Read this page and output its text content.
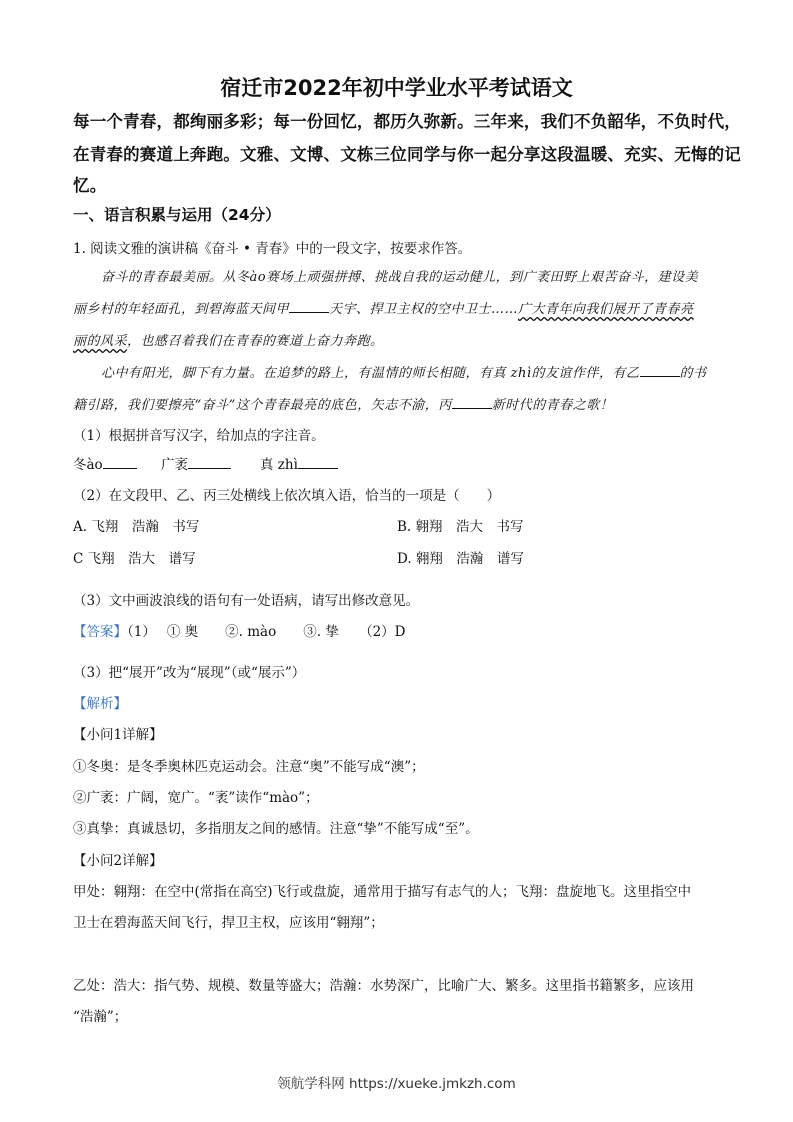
宿迁市2022年初中学业水平考试语文
每一个青春，都绚丽多彩；每一份回忆，都历久弥新。三年来，我们不负韶华，不负时代，
在青春的赛道上奔跑。文雅、文博、文栋三位同学与你一起分享这段温暖、充实、无悔的记
忆。
一、语言积累与运用（24分）
1. 阅读文雅的演讲稿《奋斗 • 青春》中的一段文字，按要求作答。
奋斗的青春最美丽。从冬ào赛场上顽强拼搏、挑战自我的运动健儿，到广袤田野上艰苦奋斗，建设美
丽乡村的年轻面孔，到碧海蓝天间甲	天宇、捍卫主权的空中卫士……广大青年向我们展开了青春亮
丽的风采，也感召着我们在青春的赛道上奋力奔跑。
心中有阳光，脚下有力量。在追梦的路上，有温情的师长相随，有真 zhì的友谊作伴，有乙	的书
籍引路，我们要擦亮“奋斗”这个青春最亮的底色，矢志不渝，丙	新时代的青春之歌！
（1）根据拼音写汉字，给加点的字注音。
冬ào	广袤	真 zhì
（2）在文段甲、乙、丙三处横线上依次填入语，恰当的一项是（　　）
A. 飞翔　浩瀚　书写	B. 翱翔　浩大　书写
C 飞翔　浩大　谱写	D. 翱翔　浩瀚　谱写
（3）文中画波浪线的语句有一处语病，请写出修改意见。
【答案】（1）　 ① 奥　　②. mào　　③. 挚　　（2）D
（3）把“展开”改为“展现”（或“展示”）
【解析】
【小问1详解】
①冬奥：是冬季奥林匹克运动会。注意“奥”不能写成“澳”；
②广袤：广阔，宽广。“袤”读作“mào”；
③真挚：真诚恳切，多指朋友之间的感情。注意“挚”不能写成“至”。
【小问2详解】
甲处：翱翔：在空中(常指在高空)飞行或盘旋，通常用于描写有志气的人；飞翔：盘旋地飞。这里指空中
卫士在碧海蓝天间飞行，捍卫主权，应该用“翱翔”；
乙处：浩大：指气势、规模、数量等盛大；浩瀚：水势深广，比喻广大、繁多。这里指书籍繁多，应该用
“浩瀚”；
领航学科网 https://xueke.jmkzh.com
